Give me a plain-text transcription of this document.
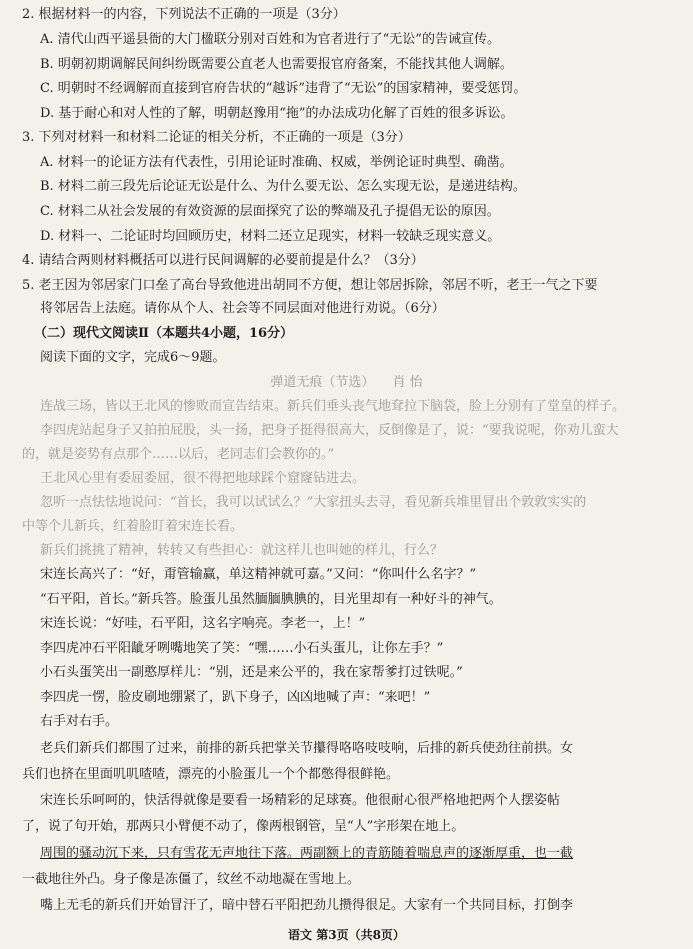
2. 根据材料一的内容，下列说法不正确的一项是（3分）
A. 清代山西平遥县衙的大门楹联分别对百姓和为官者进行了“无讼”的告诫宣传。
B. 明朝初期调解民间纠纷既需要公直老人也需要报官府备案，不能找其他人调解。
C. 明朝时不经调解而直接到官府告状的“越诉”违背了“无讼”的国家精神，要受惩罚。
D. 基于耐心和对人性的了解，明朝赵豫用“拖”的办法成功化解了百姓的很多诉讼。
3. 下列对材料一和材料二论证的相关分析，不正确的一项是（3分）
A. 材料一的论证方法有代表性，引用论证时准确、权威，举例论证时典型、确凿。
B. 材料二前三段先后论证无讼是什么、为什么要无讼、怎么实现无讼，是递进结构。
C. 材料二从社会发展的有效资源的层面探究了讼的弊端及孔子提倡无讼的原因。
D. 材料一、二论证时均回顾历史，材料二还立足现实，材料一较缺乏现实意义。
4. 请结合两则材料概括可以进行民间调解的必要前提是什么？（3分）
5. 老王因为邻居家门口垒了高台导致他进出胡同不方便，想让邻居拆除，邻居不听，老王一气之下要
将邻居告上法庭。请你从个人、社会等不同层面对他进行劝说。（6分）
（二）现代文阅读Ⅱ（本题共4小题，16分）
阅读下面的文字，完成6～9题。
弹道无痕（节选） 肖 怡
连战三场，皆以王北风的惨败而宣告结束。新兵们垂头丧气地耷拉下脑袋，脸上分别有了堂皇的样子。
李四虎站起身子又拍拍屁股，头一扬，把身子挺得很高大，反倒像是了，说：“要我说呢，你劝儿蛮大
的，就是姿势有点那个……以后，老同志们会教你的。”
王北风心里有委屈委屈，很不得把地球踩个窟窿钻进去。
忽听一点怯怯地说问：“首长，我可以试试么？”大家扭头去寻，看见新兵堆里冒出个敦敦实实的
中等个儿新兵，红着脸盯着宋连长看。
新兵们挑挑了精神，转转又有些担心：就这样儿也叫她的样儿，行么？
宋连长高兴了：“好，甭管输赢，单这精神就可嘉。”又问：“你叫什么名字？”
“石平阳，首长。”新兵答。脸蛋儿虽然腼腼腆腆的，目光里却有一种好斗的神气。
宋连长说：“好哇，石平阳，这名字响亮。李老一，上！”
李四虎冲石平阳龇牙咧嘴地笑了笑：“嘿……小石头蛋儿，让你左手？”
小石头蛋笑出一副憨厚样儿：“别，还是来公平的，我在家帮爹打过铁呢。”
李四虎一愣，脸皮刷地绷紧了，趴下身子，凶凶地喊了声：“来吧！”
右手对右手。
老兵们新兵们都围了过来，前排的新兵把掌关节攥得咯咯吱吱响，后排的新兵使劲往前拱。女
兵们也挤在里面叽叽喳喳，漂亮的小脸蛋儿一个个都憋得很鲜艳。
宋连长乐呵呵的，快活得就像是要看一场精彩的足球赛。他很耐心很严格地把两个人摆姿帖
了，说了句开始，那两只小臂便不动了，像两根钢管，呈“人”字形架在地上。
周围的骚动沉下来，只有雪花无声地往下落。两副额上的青筋随着喘息声的逐渐厚重，也一截
一截地往外凸。身子像是冻僵了，纹丝不动地凝在雪地上。
嘴上无毛的新兵们开始冒汗了，暗中替石平阳把劲儿攒得很足。大家有一个共同目标，打倒李
语文 第3页（共8页）
